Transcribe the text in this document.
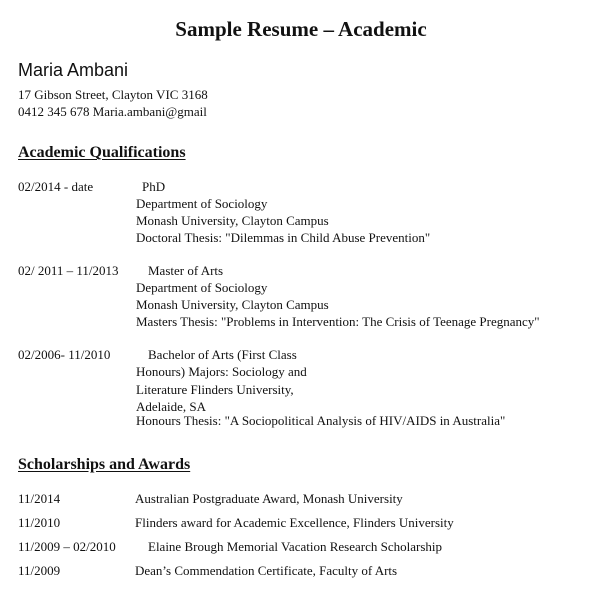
Sample Resume – Academic
Maria Ambani
17 Gibson Street, Clayton VIC 3168
0412 345 678 Maria.ambani@gmail
Academic Qualifications
02/2014 - date	PhD
Department of Sociology
Monash University, Clayton Campus
Doctoral Thesis: "Dilemmas in Child Abuse Prevention"
02/ 2011 – 11/2013 Master of Arts
Department of Sociology
Monash University, Clayton Campus
Masters Thesis: "Problems in Intervention: The Crisis of Teenage Pregnancy"
02/2006- 11/2010	Bachelor of Arts (First Class
Honours) Majors: Sociology and
Literature Flinders University,
Adelaide, SA
Honours Thesis: "A Sociopolitical Analysis of HIV/AIDS in Australia"
Scholarships and Awards
11/2014	Australian Postgraduate Award, Monash University
11/2010	Flinders award for Academic Excellence, Flinders University
11/2009 – 02/2010 Elaine Brough Memorial Vacation Research Scholarship
11/2009	Dean’s Commendation Certificate, Faculty of Arts
